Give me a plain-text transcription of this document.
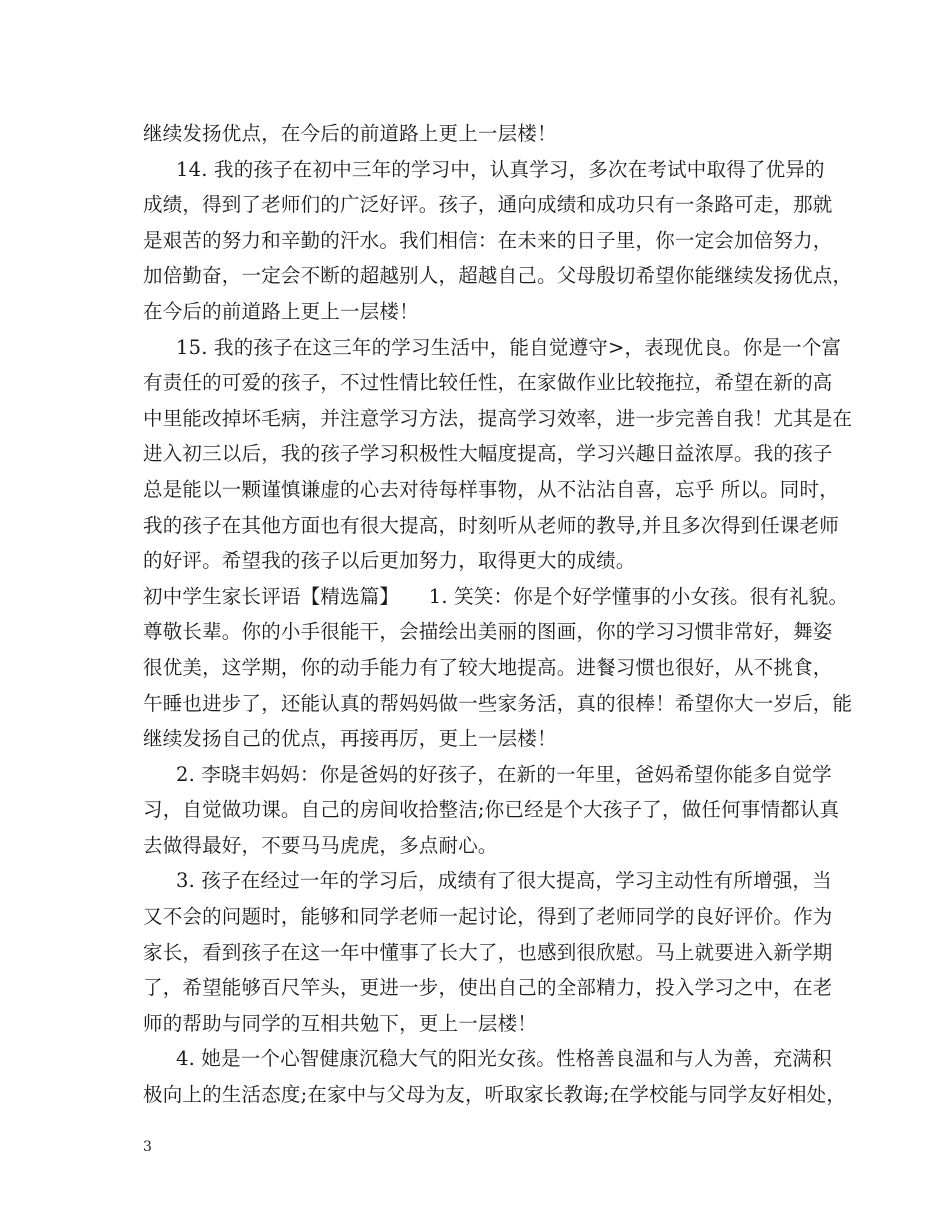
继续发扬优点，在今后的前道路上更上一层楼！
14. 我的孩子在初中三年的学习中，认真学习，多次在考试中取得了优异的
成绩，得到了老师们的广泛好评。孩子，通向成绩和成功只有一条路可走，那就
是艰苦的努力和辛勤的汗水。我们相信：在未来的日子里，你一定会加倍努力，
加倍勤奋，一定会不断的超越别人，超越自己。父母殷切希望你能继续发扬优点，
在今后的前道路上更上一层楼！
15. 我的孩子在这三年的学习生活中，能自觉遵守>，表现优良。你是一个富
有责任的可爱的孩子，不过性情比较任性，在家做作业比较拖拉，希望在新的高
中里能改掉坏毛病，并注意学习方法，提高学习效率，进一步完善自我！尤其是在
进入初三以后，我的孩子学习积极性大幅度提高，学习兴趣日益浓厚。我的孩子
总是能以一颗谨慎谦虚的心去对待每样事物，从不沾沾自喜，忘乎 所以。同时，
我的孩子在其他方面也有很大提高，时刻听从老师的教导,并且多次得到任课老师
的好评。希望我的孩子以后更加努力，取得更大的成绩。
初中学生家长评语【精选篇】　　1. 笑笑：你是个好学懂事的小女孩。很有礼貌。
尊敬长辈。你的小手很能干，会描绘出美丽的图画，你的学习习惯非常好，舞姿
很优美，这学期，你的动手能力有了较大地提高。进餐习惯也很好，从不挑食，
午睡也进步了，还能认真的帮妈妈做一些家务活，真的很棒！希望你大一岁后，能
继续发扬自己的优点，再接再厉，更上一层楼！
2. 李晓丰妈妈：你是爸妈的好孩子，在新的一年里，爸妈希望你能多自觉学
习，自觉做功课。自己的房间收拾整洁;你已经是个大孩子了，做任何事情都认真
去做得最好，不要马马虎虎，多点耐心。
3. 孩子在经过一年的学习后，成绩有了很大提高，学习主动性有所增强，当
又不会的问题时，能够和同学老师一起讨论，得到了老师同学的良好评价。作为
家长，看到孩子在这一年中懂事了长大了，也感到很欣慰。马上就要进入新学期
了，希望能够百尺竿头，更进一步，使出自己的全部精力，投入学习之中，在老
师的帮助与同学的互相共勉下，更上一层楼！
4. 她是一个心智健康沉稳大气的阳光女孩。性格善良温和与人为善，充满积
极向上的生活态度;在家中与父母为友，听取家长教诲;在学校能与同学友好相处，
3
